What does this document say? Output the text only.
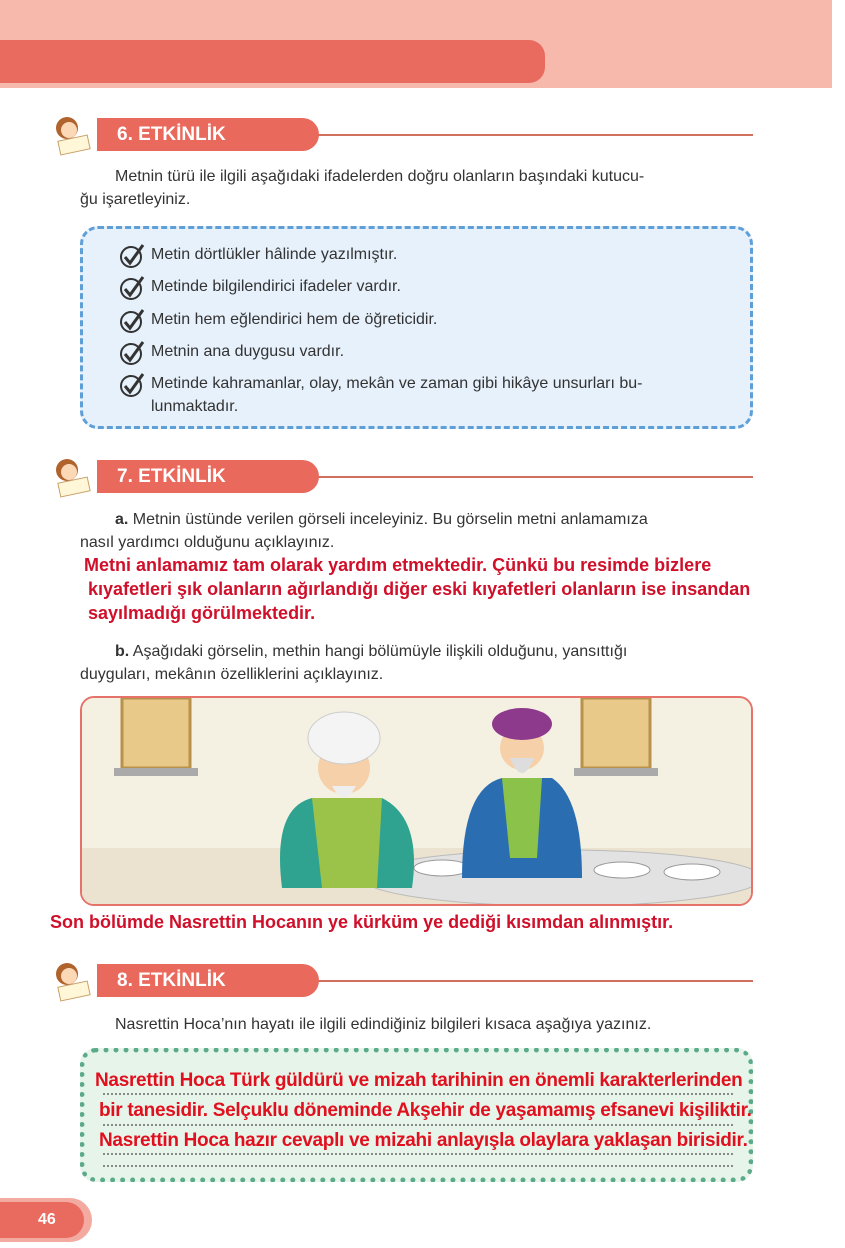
6. ETKİNLİK
Metnin türü ile ilgili aşağıdaki ifadelerden doğru olanların başındaki kutucu-
ğu işaretleyiniz.
Metin dörtlükler hâlinde yazılmıştır.
Metinde bilgilendirici ifadeler vardır.
Metin hem eğlendirici hem de öğreticidir.
Metnin ana duygusu vardır.
Metinde kahramanlar, olay, mekân ve zaman gibi hikâye unsurları bu-
lunmaktadır.
7. ETKİNLİK
a. Metnin üstünde verilen görseli inceleyiniz. Bu görselin metni anlamamıza
nasıl yardımcı olduğunu açıklayınız.
Metni anlamamız tam olarak yardım etmektedir. Çünkü bu resimde bizlere
kıyafetleri şık olanların ağırlandığı diğer eski kıyafetleri olanların ise insandan
sayılmadığı görülmektedir.
b. Aşağıdaki görselin, methin hangi bölümüyle ilişkili olduğunu, yansıttığı
duyguları, mekânın özelliklerini açıklayınız.
Son bölümde Nasrettin Hocanın ye kürküm ye dediği kısımdan alınmıştır.
8. ETKİNLİK
Nasrettin Hoca’nın hayatı ile ilgili edindiğiniz bilgileri kısaca aşağıya yazınız.
Nasrettin Hoca Türk güldürü ve mizah tarihinin en önemli karakterlerinden
bir tanesidir. Selçuklu döneminde Akşehir de yaşamamış efsanevi kişiliktir.
Nasrettin Hoca hazır cevaplı ve mizahi anlayışla olaylara yaklaşan birisidir.
46
